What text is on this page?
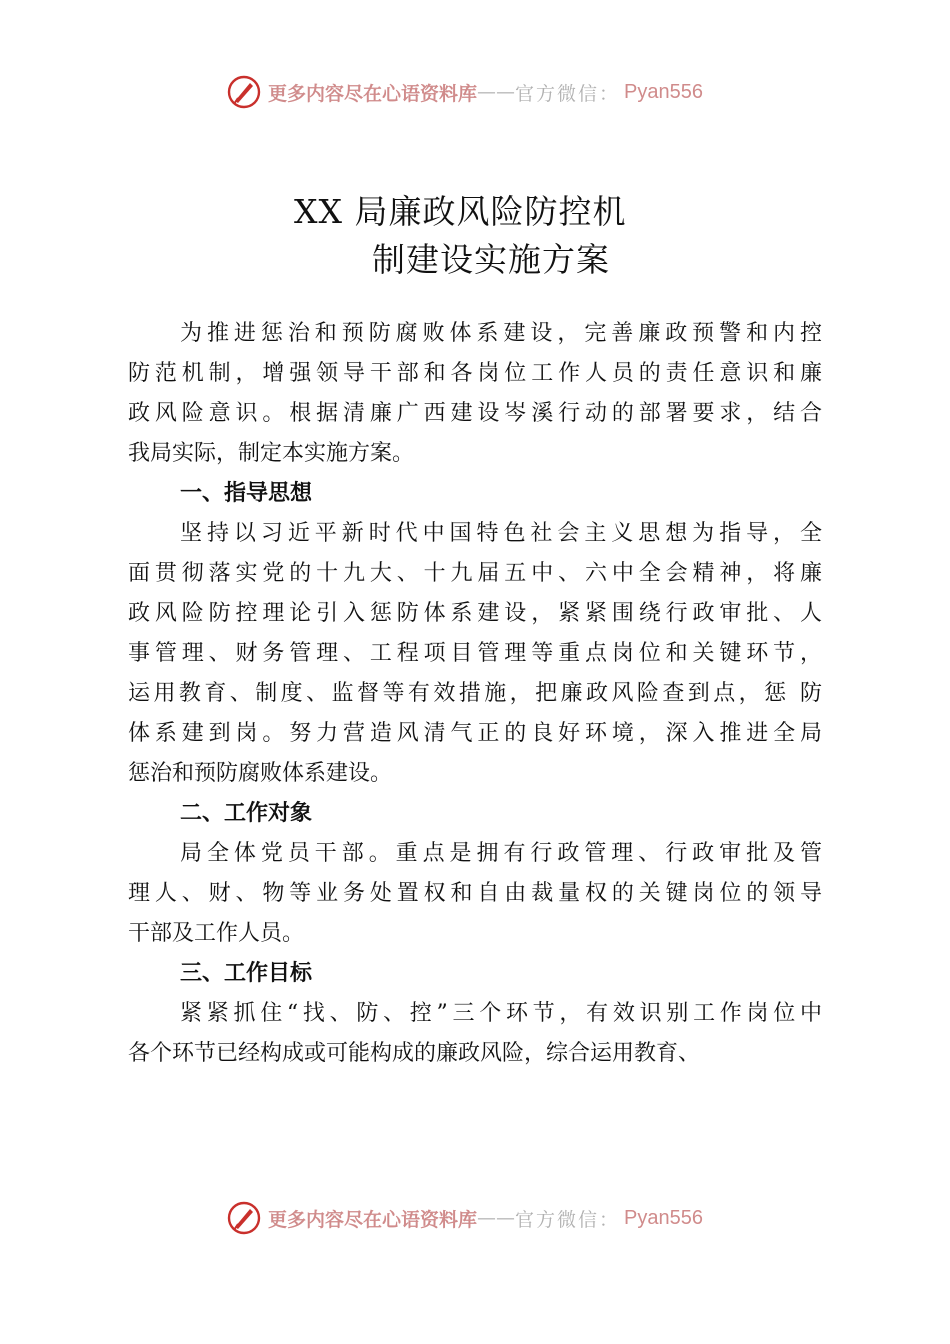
更多内容尽在心语资料库 —— 官方微信： Pyan556
XX 局廉政风险防控机
制建设实施方案
为推进惩治和预防腐败体系建设，完善廉政预警和内控
防范机制，增强领导干部和各岗位工作人员的责任意识和廉
政风险意识。根据清廉广西建设岑溪行动的部署要求，结合
我局实际，制定本实施方案。
一、指导思想
坚持以习近平新时代中国特色社会主义思想为指导，全
面贯彻落实党的十九大、十九届五中、六中全会精神，将廉
政风险防控理论引入惩防体系建设，紧紧围绕行政审批、人
事管理、财务管理、工程项目管理等重点岗位和关键环节，
运用教育、制度、监督等有效措施，把廉政风险查到点，惩 防
体系建到岗。努力营造风清气正的良好环境，深入推进全局
惩治和预防腐败体系建设。
二、工作对象
局全体党员干部。重点是拥有行政管理、行政审批及管
理人、财、物等业务处置权和自由裁量权的关键岗位的领导
干部及工作人员。
三、工作目标
紧紧抓住“找、防、控”三个环节，有效识别工作岗位中
各个环节已经构成或可能构成的廉政风险，综合运用教育、
更多内容尽在心语资料库 —— 官方微信： Pyan556
